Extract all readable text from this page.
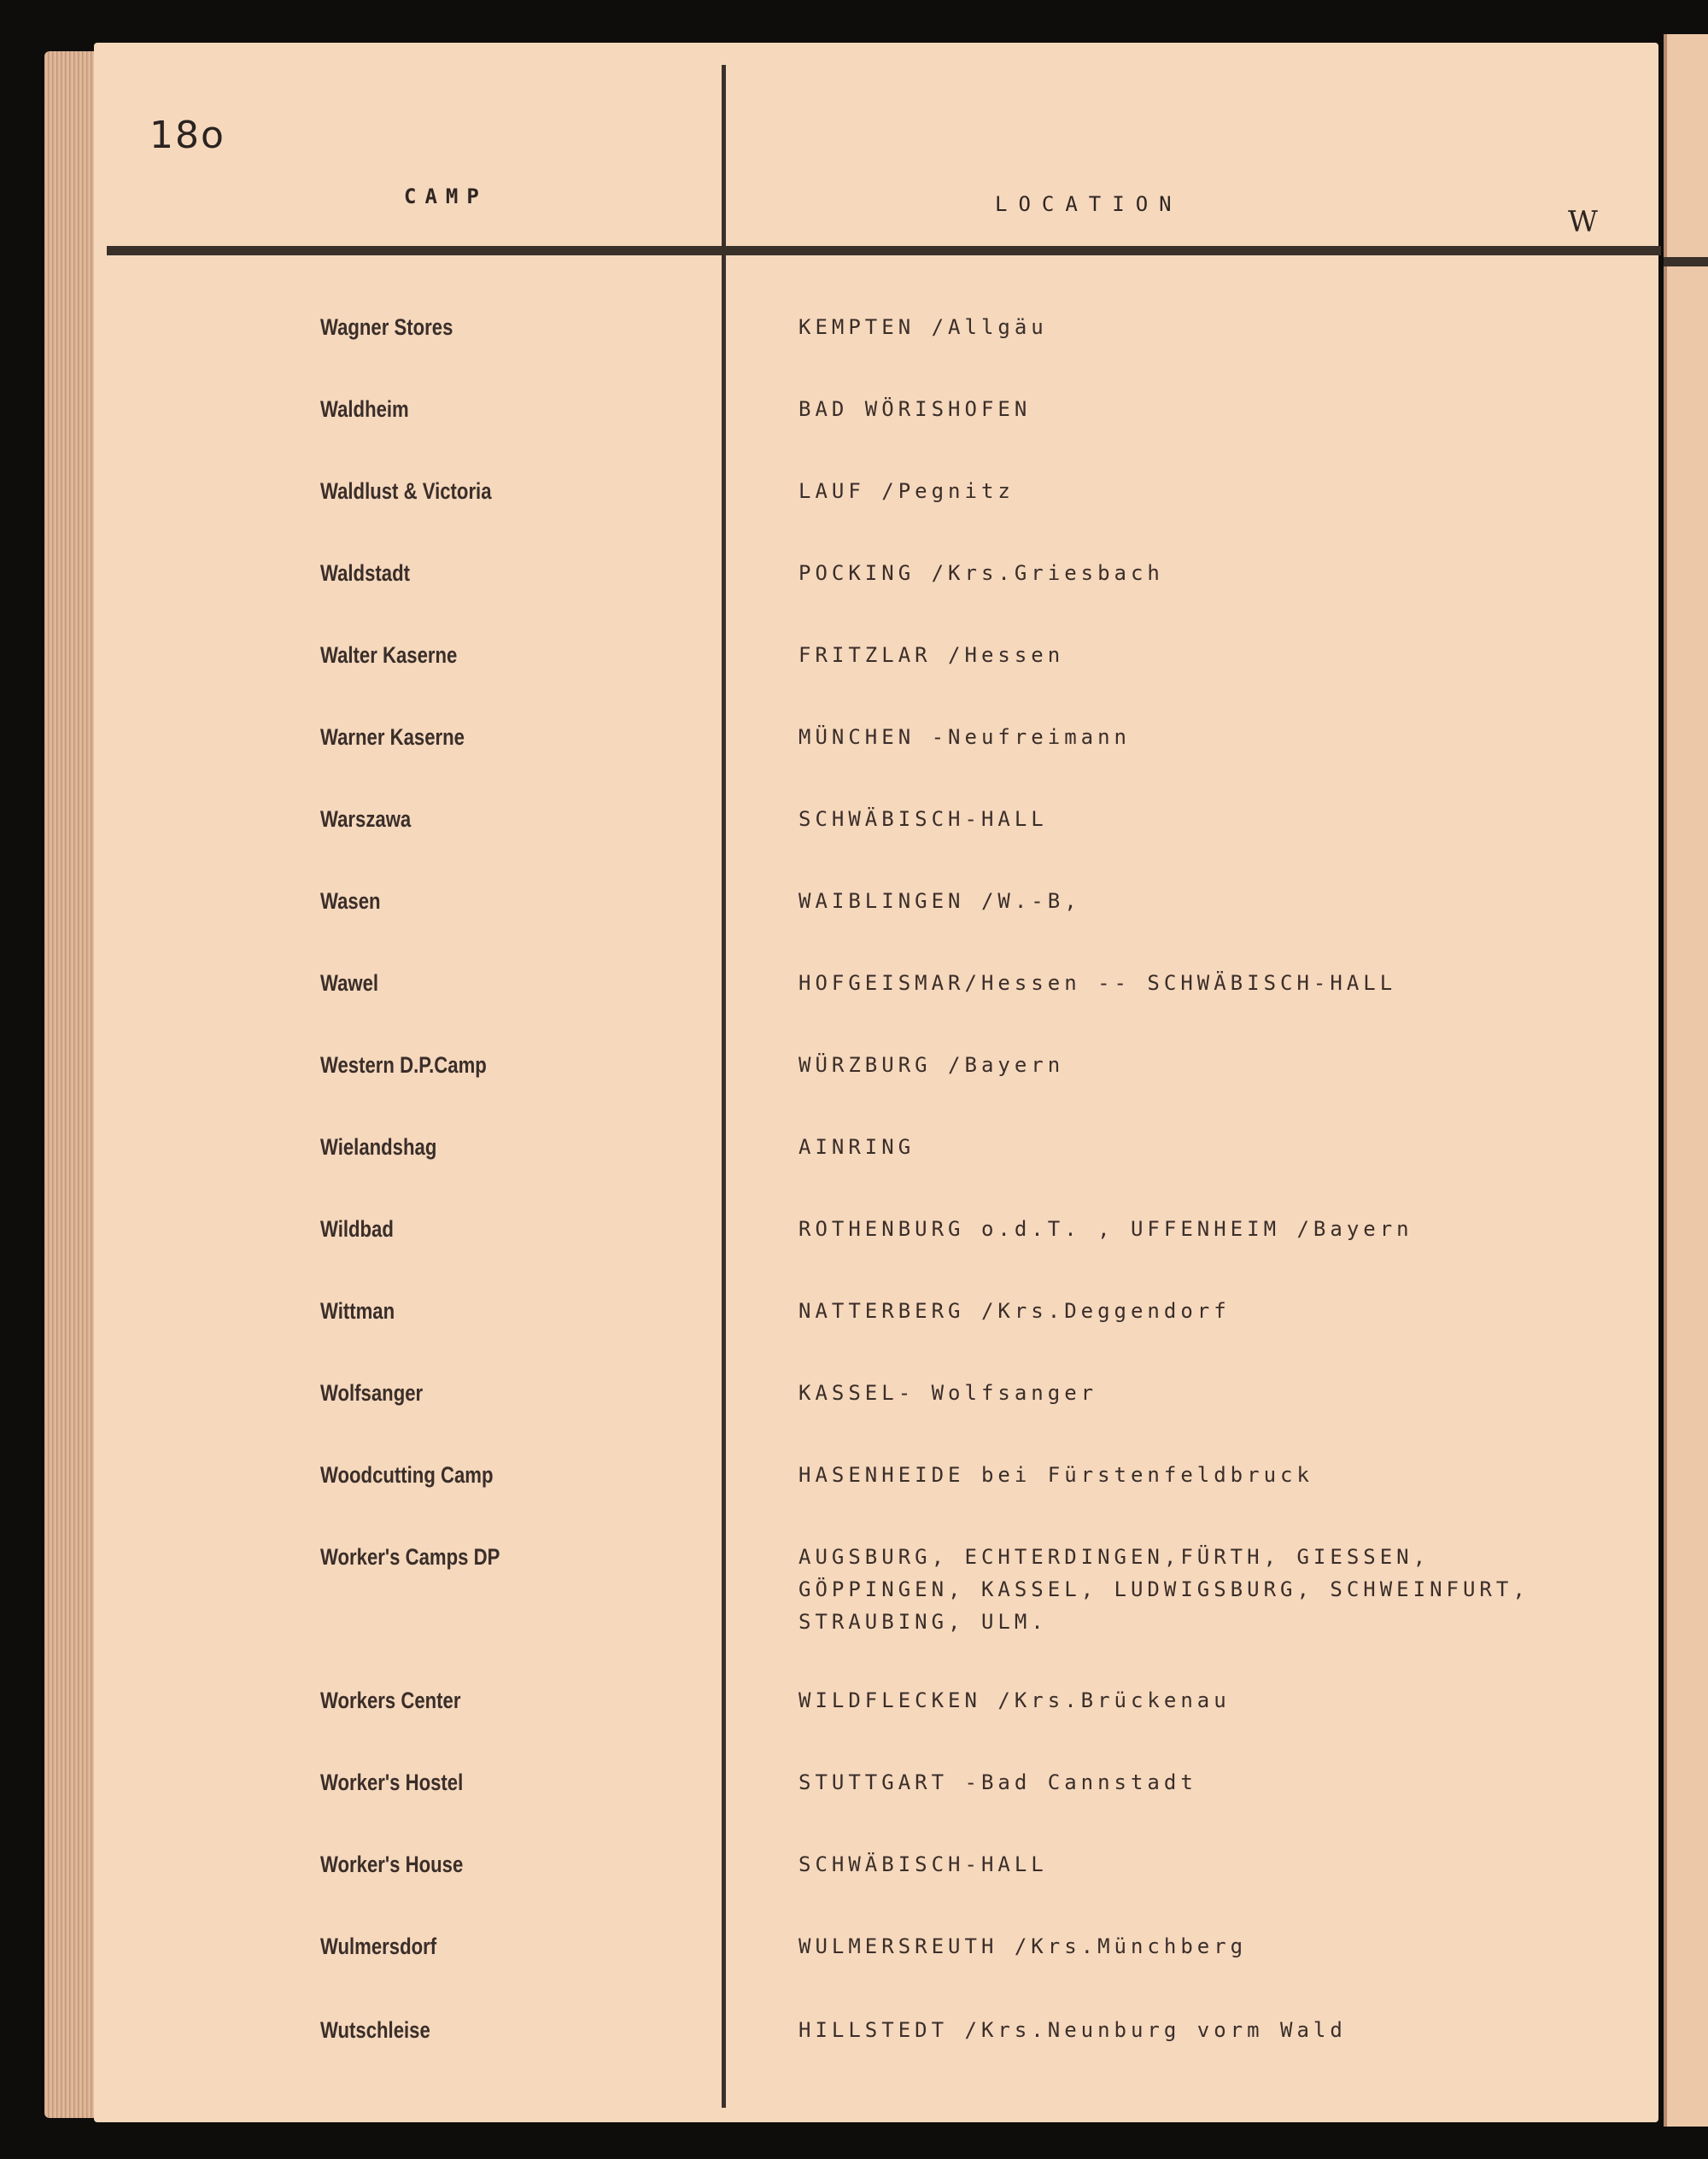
18o
CAMP	LOCATION
W
Wagner Stores	KEMPTEN /Allgäu
Waldheim	BAD WÖRISHOFEN
Waldlust & Victoria	LAUF /Pegnitz
Waldstadt	POCKING /Krs.Griesbach
Walter Kaserne	FRITZLAR /Hessen
Warner Kaserne	MÜNCHEN -Neufreimann
Warszawa	SCHWÄBISCH-HALL
Wasen	WAIBLINGEN /W.-B,
Wawel	HOFGEISMAR/Hessen -- SCHWÄBISCH-HALL
Western D.P.Camp	WÜRZBURG /Bayern
Wielandshag	AINRING
Wildbad	ROTHENBURG o.d.T. , UFFENHEIM /Bayern
Wittman	NATTERBERG /Krs.Deggendorf
Wolfsanger	KASSEL- Wolfsanger
Woodcutting Camp	HASENHEIDE bei Fürstenfeldbruck
Worker's Camps DP	AUGSBURG, ECHTERDINGEN,FÜRTH, GIESSEN,
GÖPPINGEN, KASSEL, LUDWIGSBURG, SCHWEINFURT,
STRAUBING, ULM.
Workers Center	WILDFLECKEN /Krs.Brückenau
Worker's Hostel	STUTTGART -Bad Cannstadt
Worker's House	SCHWÄBISCH-HALL
Wulmersdorf	WULMERSREUTH /Krs.Münchberg
Wutschleise	HILLSTEDT /Krs.Neunburg vorm Wald
